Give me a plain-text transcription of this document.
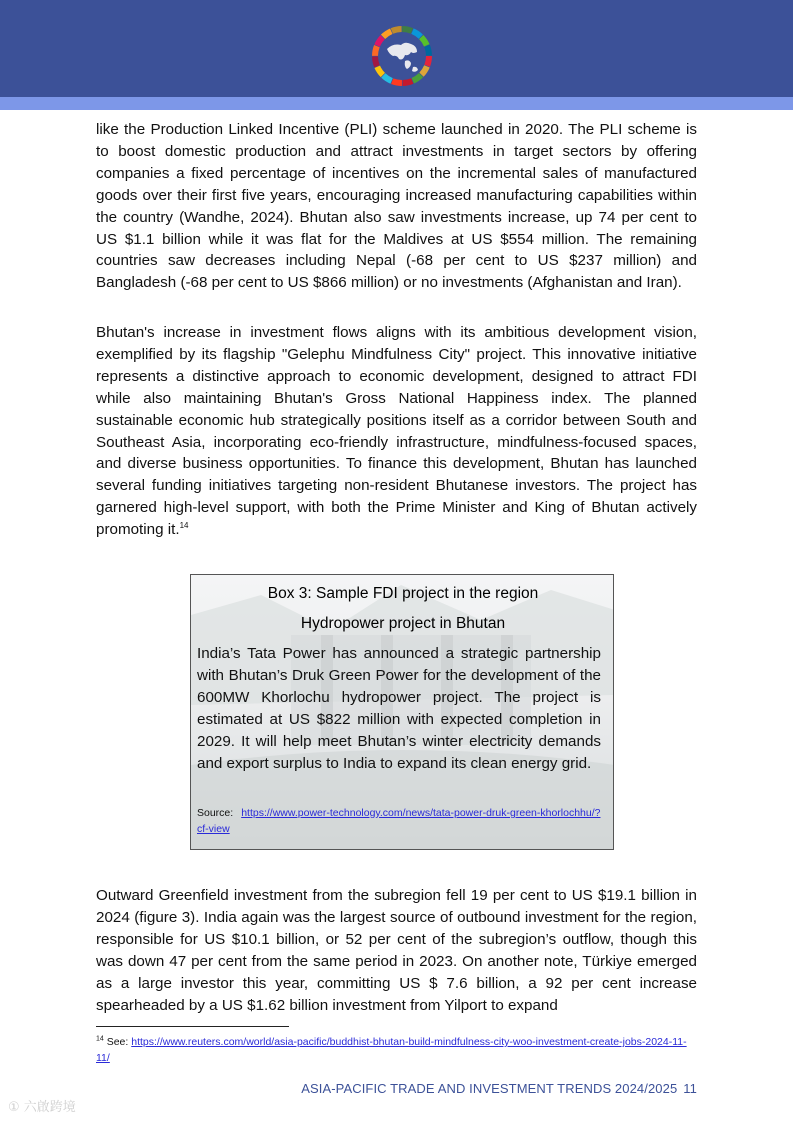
like the Production Linked Incentive (PLI) scheme launched in 2020. The PLI scheme is to boost domestic production and attract investments in target sectors by offering companies a fixed percentage of incentives on the incremental sales of manufactured goods over their first five years, encouraging increased manufacturing capabilities within the country (Wandhe, 2024). Bhutan also saw investments increase, up 74 per cent to US $1.1 billion while it was flat for the Maldives at US $554 million. The remaining countries saw decreases including Nepal (-68 per cent to US $237 million) and Bangladesh (-68 per cent to US $866 million) or no investments (Afghanistan and Iran).

Bhutan's increase in investment flows aligns with its ambitious development vision, exemplified by its flagship "Gelephu Mindfulness City" project. This innovative initiative represents a distinctive approach to economic development, designed to attract FDI while also maintaining Bhutan's Gross National Happiness index. The planned sustainable economic hub strategically positions itself as a corridor between South and Southeast Asia, incorporating eco-friendly infrastructure, mindfulness-focused spaces, and diverse business opportunities. To finance this development, Bhutan has launched several funding initiatives targeting non-resident Bhutanese investors. The project has garnered high-level support, with both the Prime Minister and King of Bhutan actively promoting it.$^{14}$

Box 3: Sample FDI project in the region

Hydropower project in Bhutan

India’s Tata Power has announced a strategic partnership with Bhutan’s Druk Green Power for the development of the 600MW Khorlochu hydropower project. The project is estimated at US $822 million with expected completion in 2029. It will help meet Bhutan’s winter electricity demands and export surplus to India to expand its clean energy grid.

Source: https://www.power-technology.com/news/tata-power-druk-green-khorlochhu/?cf-view

Outward Greenfield investment from the subregion fell 19 per cent to US $19.1 billion in 2024 (figure 3). India again was the largest source of outbound investment for the region, responsible for US $10.1 billion, or 52 per cent of the subregion’s outflow, though this was down 47 per cent from the same period in 2023. On another note, Türkiye emerged as a large investor this year, committing US $ 7.6 billion, a 92 per cent increase spearheaded by a US $1.62 billion investment from Yilport to expand

$^{14}$ See: https://www.reuters.com/world/asia-pacific/buddhist-bhutan-build-mindfulness-city-woo-investment-create-jobs-2024-11-11/

ASIA-PACIFIC TRADE AND INVESTMENT TRENDS 2024/2025 11

① 六啟跨境
